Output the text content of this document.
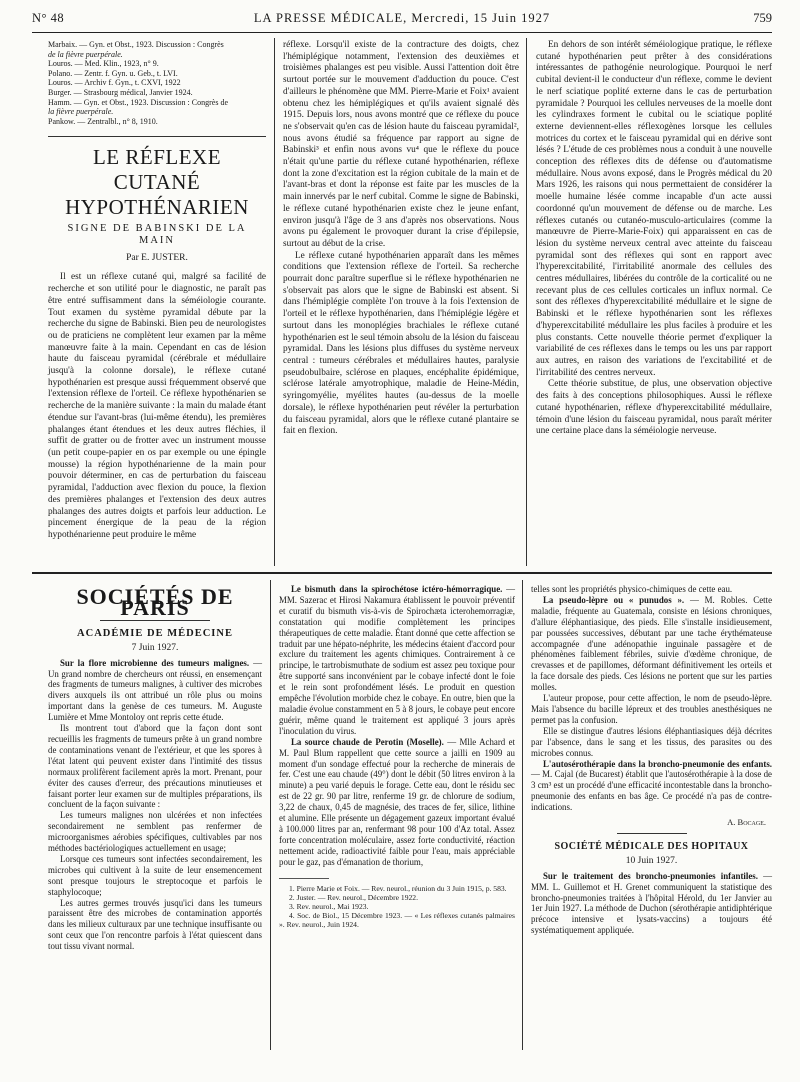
N° 48	LA PRESSE MÉDICALE, Mercredi, 15 Juin 1927	759
Marbaix. — Gyn. et Obst., 1923. Discussion : Congrès
de la fièvre puerpérale.
Louros. — Med. Klin., 1923, n° 9.
Polano. — Zentr. f. Gyn. u. Geb., t. LVI.
Louros. — Archiv f. Gyn., t. CXVI, 1922
Burger. — Strasbourg médical, Janvier 1924.
Hamm. — Gyn. et Obst., 1923. Discussion : Congrès de
la fièvre puerpérale.
Pankow. — Zentralbl., n° 8, 1910.
LE RÉFLEXE CUTANÉ HYPOTHÉNARIEN
SIGNE DE BABINSKI DE LA MAIN
Par E. JUSTER.

Il est un réflexe cutané qui, malgré sa facilité de recherche et son utilité pour le diagnostic, ne paraît pas être entré suffisamment dans la séméiologie courante. Tout examen du système pyramidal débute par la recherche du signe de Babinski. Bien peu de neurologistes ou de praticiens ne complètent leur examen par la même manœuvre faite à la main. Cependant en cas de lésion haute du faisceau pyramidal (cérébrale et médullaire jusqu'à la colonne dorsale), le réflexe cutané hypothénarien est presque aussi fréquemment observé que l'extension réflexe de l'orteil. Ce réflexe hypothénarien se recherche de la manière suivante : la main du malade étant étendue sur l'avant-bras (lui-même étendu), les premières phalanges étant étendues et les deux autres fléchies, il suffit de gratter ou de frotter avec un instrument mousse (un petit coupe-papier en os par exemple ou une épingle mousse) la région hypothénarienne de la main pour pouvoir déterminer, en cas de perturbation du faisceau pyramidal, l'adduction avec flexion du pouce, la flexion des premières phalanges et l'extension des deux autres phalanges des autres doigts et parfois leur adduction. Le pincement énergique de la peau de la région hypothénarienne peut produire le même

réflexe. Lorsqu'il existe de la contracture des doigts, chez l'hémiplégique notamment, l'extension des deuxièmes et troisièmes phalanges est peu visible. Aussi l'attention doit être surtout portée sur le mouvement d'adduction du pouce. C'est d'ailleurs le phénomène que MM. Pierre-Marie et Foix¹ avaient obtenu chez les hémiplégiques et qu'ils avaient signalé dès 1915. Depuis lors, nous avons montré que ce réflexe du pouce ne s'observait qu'en cas de lésion haute du faisceau pyramidal², nous avons étudié sa fréquence par rapport au signe de Babinski³ et enfin nous avons vu⁴ que le réflexe du pouce n'était qu'une partie du réflexe cutané hypothénarien, réflexe dont la zone d'excitation est la région cubitale de la main et de l'avant-bras et dont la réponse est faite par les muscles de la main innervés par le nerf cubital. Comme le signe de Babinski, le réflexe cutané hypothénarien existe chez le jeune enfant, environ jusqu'à l'âge de 3 ans d'après nos observations. Nous avons pu également le provoquer durant la crise d'épilepsie, surtout au début de la crise.

Le réflexe cutané hypothénarien apparaît dans les mêmes conditions que l'extension réflexe de l'orteil. Sa recherche pourrait donc paraître superflue si le réflexe hypothénarien ne s'observait pas alors que le signe de Babinski est absent. Si dans l'hémiplégie complète l'on trouve à la fois l'extension de l'orteil et le réflexe hypothénarien, dans l'hémiplégie légère et surtout dans les monoplégies brachiales le réflexe cutané hypothénarien est le seul témoin absolu de la lésion du faisceau pyramidal. Dans les lésions plus diffuses du système nerveux central : tumeurs cérébrales et médullaires hautes, paralysie pseudobulbaire, sclérose en plaques, encéphalite épidémique, sclérose latérale amyotrophique, maladie de Heine-Médin, syringomyélie, myélites hautes (au-dessus de la moelle dorsale), le réflexe hypothénarien peut révéler la perturbation du faisceau pyramidal, alors que le réflexe cutané plantaire se fait en flexion.

En dehors de son intérêt séméiologique pratique, le réflexe cutané hypothénarien peut prêter à des considérations intéressantes de pathogénie neurologique. Pourquoi le nerf cubital devient-il le conducteur d'un réflexe, comme le devient le nerf sciatique poplité externe dans le cas de perturbation pyramidale ? Pourquoi les cellules nerveuses de la moelle dont les cylindraxes forment le cubital ou le sciatique poplité externe deviennent-elles réflexogènes lorsque les cellules motrices du cortex et le faisceau pyramidal qui en dérive sont lésés ? L'étude de ces problèmes nous a conduit à une nouvelle conception des réflexes dits de défense ou d'automatisme médullaire. Nous avons exposé, dans le Progrès médical du 20 Mars 1926, les raisons qui nous permettaient de considérer la moelle humaine lésée comme incapable d'un acte aussi coordonné qu'un mouvement de défense ou de marche. Les réflexes cutanés ou cutanéo-musculo-articulaires (comme la manœuvre de Pierre-Marie-Foix) qui apparaissent en cas de lésion du système nerveux central avec atteinte du faisceau pyramidal sont des réflexes qui sont en rapport avec l'hyperexcitabilité, l'irritabilité anormale des cellules des centres médullaires, libérées du contrôle de la corticalité ou ne recevant plus de ces cellules corticales un influx normal. Ce sont des réflexes d'hyperexcitabilité médullaire et le signe de Babinski et le réflexe hypothénarien sont les réflexes d'hyperexcitabilité médullaire les plus faciles à produire et les plus constants. Cette nouvelle théorie permet d'expliquer la variabilité de ces réflexes dans le temps ou les uns par rapport aux autres, en raison des variations de l'excitabilité et de l'irritabilité des centres nerveux.

Cette théorie substitue, de plus, une observation objective des faits à des conceptions philosophiques. Aussi le réflexe cutané hypothénarien, réflexe d'hyperexcitabilité médullaire, témoin d'une lésion du faisceau pyramidal, nous paraît mériter une certaine place dans la séméiologie nerveuse.

SOCIÉTÉS DE PARIS
ACADÉMIE DE MÉDECINE
7 Juin 1927.

Sur la flore microbienne des tumeurs malignes. — Un grand nombre de chercheurs ont réussi, en ensemençant des fragments de tumeurs malignes, à cultiver des microbes divers auxquels ils ont attribué un rôle plus ou moins important dans la genèse de ces tumeurs. M. Auguste Lumière et Mme Montoloy ont repris cette étude.

Ils montrent tout d'abord que la façon dont sont recueillis les fragments de tumeurs prête à un grand nombre de contaminations venant de l'extérieur, et que les spores à l'état latent qui peuvent exister dans l'intimité des tissus normaux prolifèrent facilement après la mort. Prenant, pour éviter des causes d'erreur, des précautions minutieuses et faisant porter leur examen sur de multiples préparations, ils concluent de la façon suivante :

Les tumeurs malignes non ulcérées et non infectées secondairement ne semblent pas renfermer de microorganismes aérobies spécifiques, cultivables par nos méthodes bactériologiques actuellement en usage;

Lorsque ces tumeurs sont infectées secondairement, les microbes qui cultivent à la suite de leur ensemencement sont presque toujours le streptocoque et parfois le staphylocoque;

Les autres germes trouvés jusqu'ici dans les tumeurs paraissent être des microbes de contamination apportés dans les milieux culturaux par une technique insuffisante ou sont ceux que l'on rencontre parfois à l'état quiescent dans tout tissu vivant normal.

Le bismuth dans la spirochétose ictéro-hémorragique. — MM. Sazerac et Hirosi Nakamura établissent le pouvoir préventif et curatif du bismuth vis-à-vis de Spirochæta icterohemorragiæ, constatation qui modifie complètement les principes thérapeutiques de cette maladie. Étant donné que cette affection se traduit par une hépato-néphrite, les médecins étaient d'accord pour exclure du traitement les agents chimiques. Contrairement à ce principe, le tartrobismuthate de sodium est assez peu toxique pour être supporté sans inconvénient par le cobaye infecté dont le foie et le rein sont profondément lésés. Le produit en question empêche l'évolution morbide chez le cobaye. En outre, bien que la maladie évolue constamment en 5 à 8 jours, le cobaye peut encore guérir, même quand le traitement est appliqué 3 jours après l'inoculation du virus.

La source chaude de Perotin (Moselle). — Mlle Achard et M. Paul Blum rappellent que cette source a jailli en 1909 au moment d'un sondage effectué pour la recherche de minerais de fer. C'est une eau chaude (49°) dont le débit (50 litres environ à la minute) a peu varié depuis le forage. Cette eau, dont le résidu sec est de 22 gr. 90 par litre, renferme 19 gr. de chlorure de sodium, 3,22 de chaux, 0,45 de magnésie, des traces de fer, silice, lithine et alumine. Elle présente un dégagement gazeux important évalué à 100.000 litres par an, renfermant 98 pour 100 d'Az total. Assez forte concentration moléculaire, assez forte conductivité, réaction nettement acide, radioactivité faible pour l'eau, mais appréciable pour le gaz, pas d'émanation de thorium,

1. Pierre Marie et Foix. — Rev. neurol., réunion du 3 Juin 1915, p. 583.
2. Juster. — Rev. neurol., Décembre 1922.
3. Rev. neurol., Mai 1923.
4. Soc. de Biol., 15 Décembre 1923. — « Les réflexes cutanés palmaires ». Rev. neurol., Juin 1924.

telles sont les propriétés physico-chimiques de cette eau.

La pseudo-lèpre ou « punudos ». — M. Robles. Cette maladie, fréquente au Guatemala, consiste en lésions chroniques, d'allure éléphantiasique, des pieds. Elle s'installe insidieusement, par poussées successives, débutant par une tache érythémateuse accompagnée d'une adénopathie inguinale passagère et de phénomènes faiblement fébriles, suivie d'œdème chronique, de crevasses et de papillomes, déformant définitivement les orteils et la face dorsale des pieds. Ces lésions ne portent que sur les parties molles.

L'auteur propose, pour cette affection, le nom de pseudo-lèpre. Mais l'absence du bacille lépreux et des troubles anesthésiques ne permet pas la confusion.

Elle se distingue d'autres lésions éléphantiasiques déjà décrites par l'absence, dans le sang et les tissus, des parasites ou des microbes connus.

L'autosérothérapie dans la broncho-pneumonie des enfants. — M. Cajal (de Bucarest) établit que l'autosérothérapie à la dose de 3 cm³ est un procédé d'une efficacité incontestable dans la broncho-pneumonie des enfants en bas âge. Ce procédé n'a pas de contre-indications.

A. Bocage.
SOCIÉTÉ MÉDICALE DES HOPITAUX
10 Juin 1927.

Sur le traitement des broncho-pneumonies infantiles. — MM. L. Guillemot et H. Grenet communiquent la statistique des broncho-pneumonies traitées à l'hôpital Hérold, du 1er Janvier au 1er Juin 1927. La méthode de Duchon (sérothérapie antidiphtérique précoce intensive et lysats-vaccins) a toujours été systématiquement appliquée.
